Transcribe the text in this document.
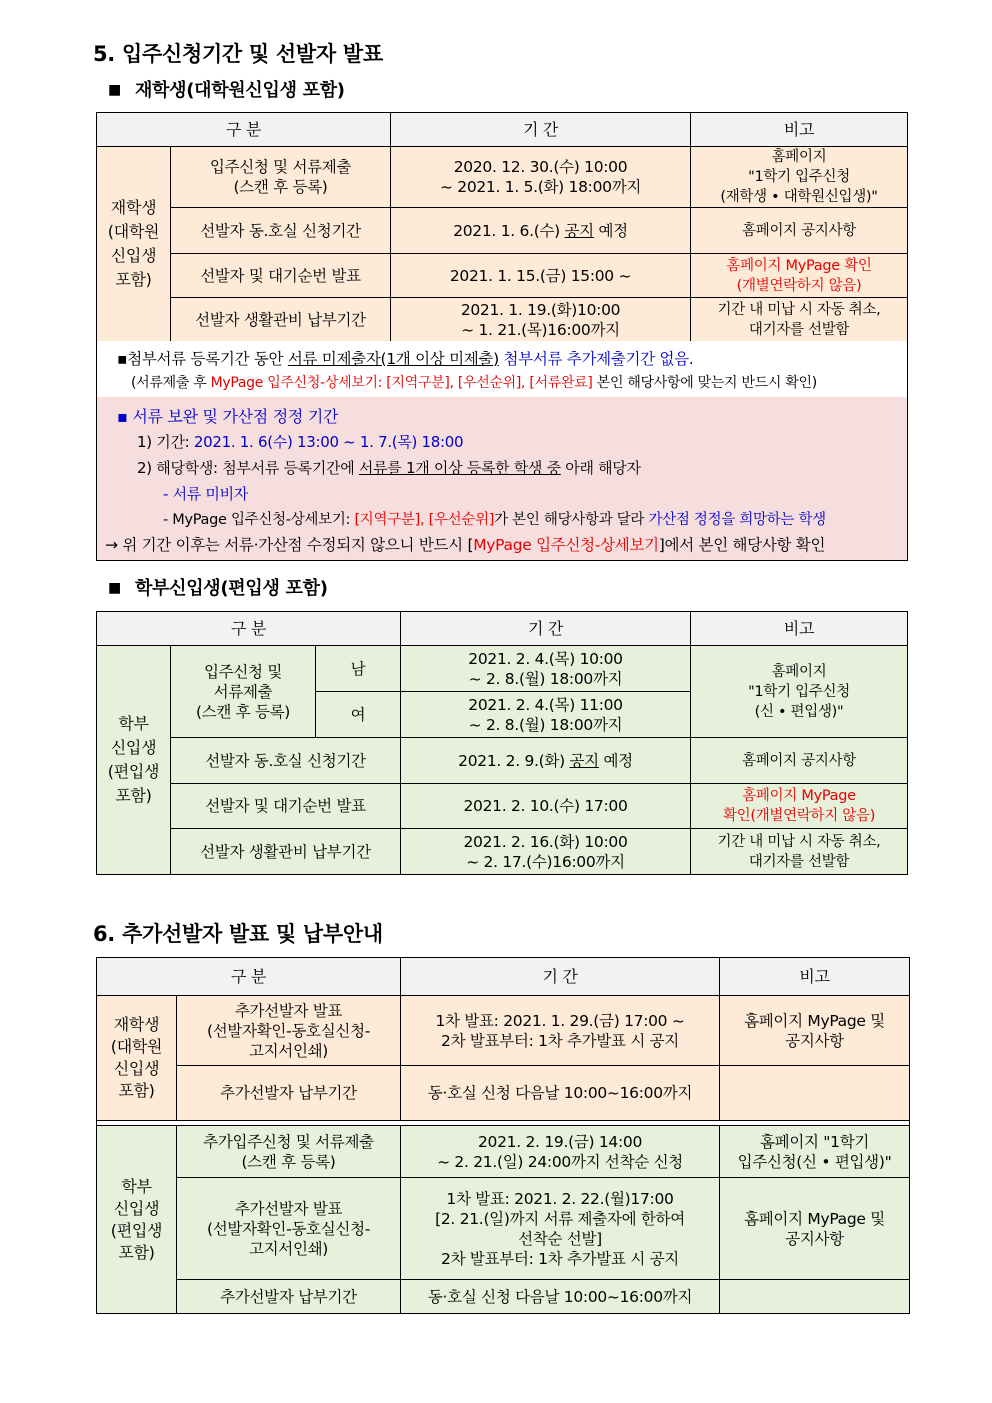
5. 입주신청기간 및 선발자 발표
■ 재학생(대학원신입생 포함)
구 분		기 간	비고
재학생
(대학원
신입생
포함)	입주신청 및 서류제출
(스캔 후 등록)	2020. 12. 30.(수) 10:00
~ 2021. 1. 5.(화) 18:00까지	홈페이지
"1학기 입주신청
(재학생 • 대학원신입생)"
	선발자 동.호실 신청기간	2021. 1. 6.(수) 공지 예정	홈페이지 공지사항
	선발자 및 대기순번 발표	2021. 1. 15.(금) 15:00 ~	홈페이지 MyPage 확인
(개별연락하지 않음)
	선발자 생활관비 납부기간	2021. 1. 19.(화)10:00
~ 1. 21.(목)16:00까지	기간 내 미납 시 자동 취소,
대기자를 선발함
▪첨부서류 등록기간 동안 서류 미제출자(1개 이상 미제출) 첨부서류 추가제출기간 없음.
(서류제출 후 MyPage 입주신청-상세보기: [지역구분], [우선순위], [서류완료] 본인 해당사항에 맞는지 반드시 확인)
▪ 서류 보완 및 가산점 정정 기간
1) 기간: 2021. 1. 6(수) 13:00 ~ 1. 7.(목) 18:00
2) 해당학생: 첨부서류 등록기간에 서류를 1개 이상 등록한 학생 중 아래 해당자
- 서류 미비자
- MyPage 입주신청-상세보기: [지역구분], [우선순위]가 본인 해당사항과 달라 가산점 정정을 희망하는 학생
→ 위 기간 이후는 서류·가산점 수정되지 않으니 반드시 [MyPage 입주신청-상세보기]에서 본인 해당사항 확인
■ 학부신입생(편입생 포함)
구 분			기 간	비고
학부
신입생
(편입생
포함)	입주신청 및
서류제출
(스캔 후 등록)	남	2021. 2. 4.(목) 10:00
~ 2. 8.(월) 18:00까지	홈페이지
"1학기 입주신청
(신 • 편입생)"
		여	2021. 2. 4.(목) 11:00
~ 2. 8.(월) 18:00까지	
	선발자 동.호실 신청기간		2021. 2. 9.(화) 공지 예정	홈페이지 공지사항
	선발자 및 대기순번 발표		2021. 2. 10.(수) 17:00	홈페이지 MyPage
확인(개별연락하지 않음)
	선발자 생활관비 납부기간		2021. 2. 16.(화) 10:00
~ 2. 17.(수)16:00까지	기간 내 미납 시 자동 취소,
대기자를 선발함
6. 추가선발자 발표 및 납부안내
구 분		기 간	비고
재학생
(대학원
신입생
포함)	추가선발자 발표
(선발자확인-동호실신청-
고지서인쇄)	1차 발표: 2021. 1. 29.(금) 17:00 ~
2차 발표부터: 1차 추가발표 시 공지	홈페이지 MyPage 및
공지사항
	추가선발자 납부기간	동·호실 신청 다음날 10:00~16:00까지	

학부
신입생
(편입생
포함)	추가입주신청 및 서류제출
(스캔 후 등록)	2021. 2. 19.(금) 14:00
~ 2. 21.(일) 24:00까지 선착순 신청	홈페이지 "1학기
입주신청(신 • 편입생)"
	추가선발자 발표
(선발자확인-동호실신청-
고지서인쇄)	1차 발표: 2021. 2. 22.(월)17:00
[2. 21.(일)까지 서류 제출자에 한하여
선착순 선발]
2차 발표부터: 1차 추가발표 시 공지	홈페이지 MyPage 및
공지사항
	추가선발자 납부기간	동·호실 신청 다음날 10:00~16:00까지	
